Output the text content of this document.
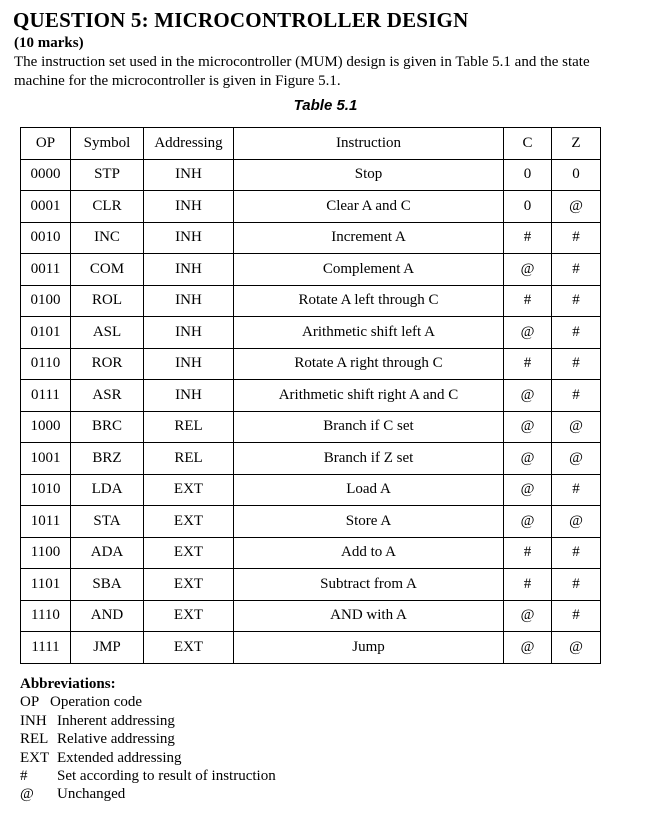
QUESTION 5: MICROCONTROLLER DESIGN
(10 marks)
The instruction set used in the microcontroller (MUM) design is given in Table 5.1 and the state machine for the microcontroller is given in Figure 5.1.
Table 5.1
OP	Symbol	Addressing	Instruction	C	Z
0000	STP	INH	Stop	0	0
0001	CLR	INH	Clear A and C	0	@
0010	INC	INH	Increment A	#	#
0011	COM	INH	Complement A	@	#
0100	ROL	INH	Rotate A left through C	#	#
0101	ASL	INH	Arithmetic shift left A	@	#
0110	ROR	INH	Rotate A right through C	#	#
0111	ASR	INH	Arithmetic shift right A and C	@	#
1000	BRC	REL	Branch if C set	@	@
1001	BRZ	REL	Branch if Z set	@	@
1010	LDA	EXT	Load A	@	#
1011	STA	EXT	Store A	@	@
1100	ADA	EXT	Add to A	#	#
1101	SBA	EXT	Subtract from A	#	#
1110	AND	EXT	AND with A	@	#
1111	JMP	EXT	Jump	@	@
Abbreviations:
OP Operation code
INH Inherent addressing
REL Relative addressing
EXT Extended addressing
# Set according to result of instruction
@ Unchanged
